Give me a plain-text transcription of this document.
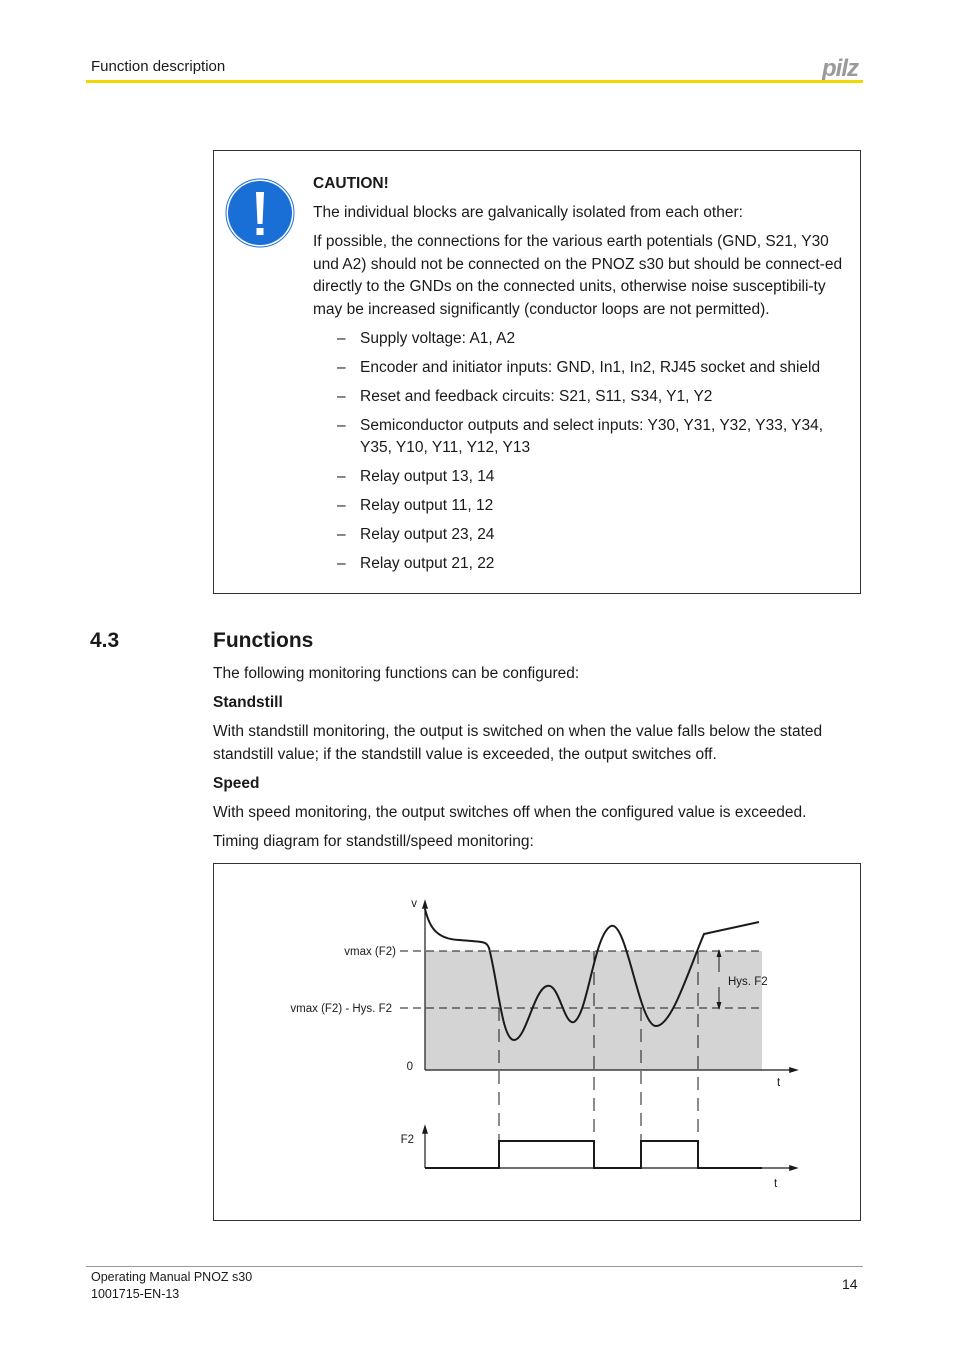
Function description	pilz

CAUTION!

The individual blocks are galvanically isolated from each other:

If possible, the connections for the various earth potentials (GND, S21, Y30 und A2) should not be connected on the PNOZ s30 but should be connect-ed directly to the GNDs on the connected units, otherwise noise susceptibili-ty may be increased significantly (conductor loops are not permitted).

– Supply voltage: A1, A2
– Encoder and initiator inputs: GND, In1, In2, RJ45 socket and shield
– Reset and feedback circuits: S21, S11, S34, Y1, Y2
– Semiconductor outputs and select inputs: Y30, Y31, Y32, Y33, Y34, Y35, Y10, Y11, Y12, Y13
– Relay output 13, 14
– Relay output 11, 12
– Relay output 23, 24
– Relay output 21, 22
4.3	Functions

The following monitoring functions can be configured:

Standstill

With standstill monitoring, the output is switched on when the value falls below the stated standstill value; if the standstill value is exceeded, the output switches off.

Speed

With speed monitoring, the output switches off when the configured value is exceeded.

Timing diagram for standstill/speed monitoring:

v
vmax (F2)
vmax (F2) - Hys. F2
0
t
Hys. F2
F2
t
Operating Manual PNOZ s30
1001715-EN-13
14
